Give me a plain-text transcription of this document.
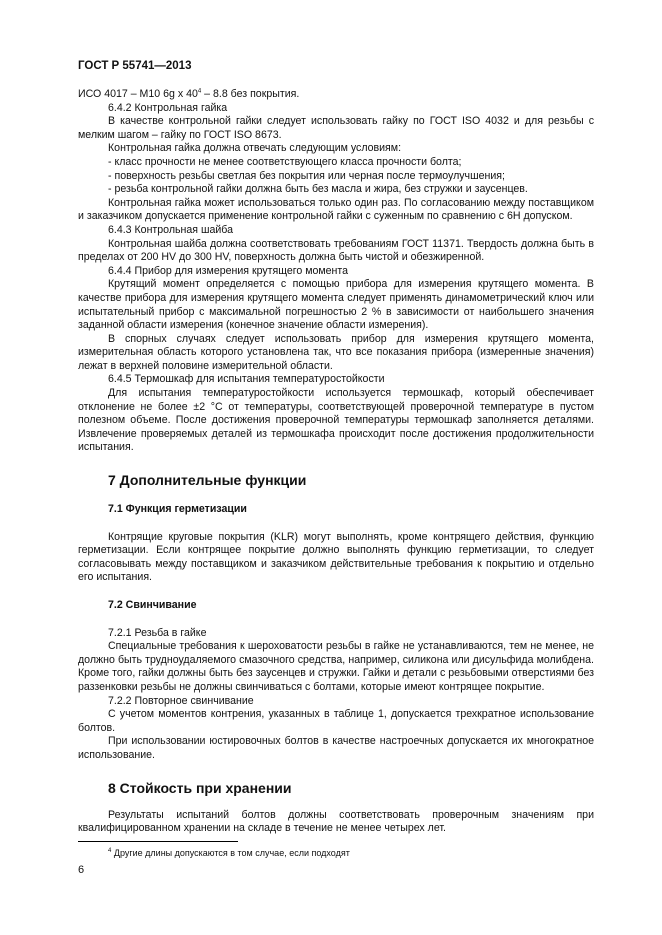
ГОСТ Р 55741—2013

ИСО 4017 – М10 6g x $40^4 - 8.8$ без покрытия.

6.4.2 Контрольная гайка

В качестве контрольной гайки следует использовать гайку по ГОСТ ISO 4032 и для резьбы с мелким шагом – гайку по ГОСТ ISO 8673.

Контрольная гайка должна отвечать следующим условиям:

- класс прочности не менее соответствующего класса прочности болта;

- поверхность резьбы светлая без покрытия или черная после термоулучшения;

- резьба контрольной гайки должна быть без масла и жира, без стружки и заусенцев.

Контрольная гайка может использоваться только один раз. По согласованию между поставщиком и заказчиком допускается применение контрольной гайки с суженным по сравнению с 6H допуском.

6.4.3 Контрольная шайба

Контрольная шайба должна соответствовать требованиям ГОСТ 11371. Твердость должна быть в пределах от 200 HV до 300 HV, поверхность должна быть чистой и обезжиренной.

6.4.4 Прибор для измерения крутящего момента

Крутящий момент определяется с помощью прибора для измерения крутящего момента. В качестве прибора для измерения крутящего момента следует применять динамометрический ключ или испытательный прибор с максимальной погрешностью 2 % в зависимости от наибольшего значения заданной области измерения (конечное значение области измерения).

В спорных случаях следует использовать прибор для измерения крутящего момента, измерительная область которого установлена так, что все показания прибора (измеренные значения) лежат в верхней половине измерительной области.

6.4.5 Термошкаф для испытания температуростойкости

Для испытания температуростойкости используется термошкаф, который обеспечивает отклонение не более ±2 °С от температуры, соответствующей проверочной температуре в пустом полезном объеме. После достижения проверочной температуры термошкаф заполняется деталями. Извлечение проверяемых деталей из термошкафа происходит после достижения продолжительности испытания.

7 Дополнительные функции

7.1 Функция герметизации

Контрящие круговые покрытия (KLR) могут выполнять, кроме контрящего действия, функцию герметизации. Если контрящее покрытие должно выполнять функцию герметизации, то следует согласовывать между поставщиком и заказчиком действительные требования к покрытию и отдельно его испытания.

7.2 Свинчивание

7.2.1 Резьба в гайке

Специальные требования к шероховатости резьбы в гайке не устанавливаются, тем не менее, не должно быть трудноудаляемого смазочного средства, например, силикона или дисульфида молибдена. Кроме того, гайки должны быть без заусенцев и стружки. Гайки и детали с резьбовыми отверстиями без раззенковки резьбы не должны свинчиваться с болтами, которые имеют контрящее покрытие.

7.2.2 Повторное свинчивание

С учетом моментов контрения, указанных в таблице 1, допускается трехкратное использование болтов.

При использовании юстировочных болтов в качестве настроечных допускается их многократное использование.

8 Стойкость при хранении

Результаты испытаний болтов должны соответствовать проверочным значениям при квалифицированном хранении на складе в течение не менее четырех лет.

$^4$ Другие длины допускаются в том случае, если подходят
6
